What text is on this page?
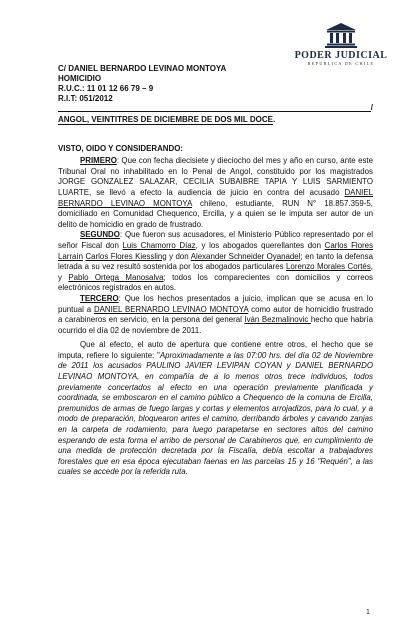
PODER JUDICIAL
REPÚBLICA DE CHILE
C/ DANIEL BERNARDO LEVINAO MONTOYA
HOMICIDIO
R.U.C.: 11 01 12 66 79 – 9
R.I.T: 051/2012
/
ANGOL, VEINTITRES DE DICIEMBRE DE DOS MIL DOCE.
VISTO, OIDO Y CONSIDERANDO:

PRIMERO: Que con fecha diecisiete y dieciocho del mes y año en curso, ante este Tribunal Oral no inhabilitado en lo Penal de Angol, constituido por los magistrados JORGE GONZALEZ SALAZAR, CECILIA SUBAIBRE TAPIA Y LUIS SARMIENTO LUARTE, se llevó a efecto la audiencia de juicio en contra del acusado DANIEL BERNARDO LEVINAO MONTOYA chileno, estudiante, RUN N° 18.857.359-5, domiciliado en Comunidad Chequenco, Ercilla, y a quien se le imputa ser autor de un delito de homicidio en grado de frustrado.

SEGUNDO: Que fueron sus acusadores, el Ministerio Público representado por el señor Fiscal don Luis Chamorro Díaz, y los abogados querellantes don Carlos Flores Larraín Carlos Flores Kiessling y don Alexander Schneider Oyanadel; en tanto la defensa letrada a su vez resultó sostenida por los abogados particulares Lorenzo Morales Cortés, y Pablo Ortega Manosalva; todos los comparecientes con domicilios y correos electrónicos registrados en autos.

TERCERO: Que los hechos presentados a juicio, implican que se acusa en lo puntual a DANIEL BERNARDO LEVINAO MONTOYA como autor de homicidio frustrado a carabineros en servicio, en la persona del general Iván Bezmalinovic hecho que habría ocurrido el día 02 de noviembre de 2011.

Que al efecto, el auto de apertura que contiene entre otros, el hecho que se imputa, refiere lo siguiente: "Aproximadamente a las 07:00 hrs. del día 02 de Noviembre de 2011 los acusados PAULINO JAVIER LEVIPAN COYAN y DANIEL BERNARDO LEVINAO MONTOYA, en compañía de a lo menos otros trece individuos, todos previamente concertados al efecto en una operación previamente planificada y coordinada, se emboscaron en el camino público a Chequenco de la comuna de Ercilla, premunidos de armas de fuego largas y cortas y elementos arrojadizos, para lo cual, y a modo de preparación, bloquearon antes el camino, derribando árboles y cavando zanjas en la carpeta de rodamiento, para luego parapetarse en sectores altos del camino esperando de esta forma el arribo de personal de Carabineros que, en cumplimiento de una medida de protección decretada por la Fiscalía, debía escoltar a trabajadores forestales que en esa época ejecutaban faenas en las parcelas 15 y 16 "Requén", a las cuales se accede por la referida ruta.

1
